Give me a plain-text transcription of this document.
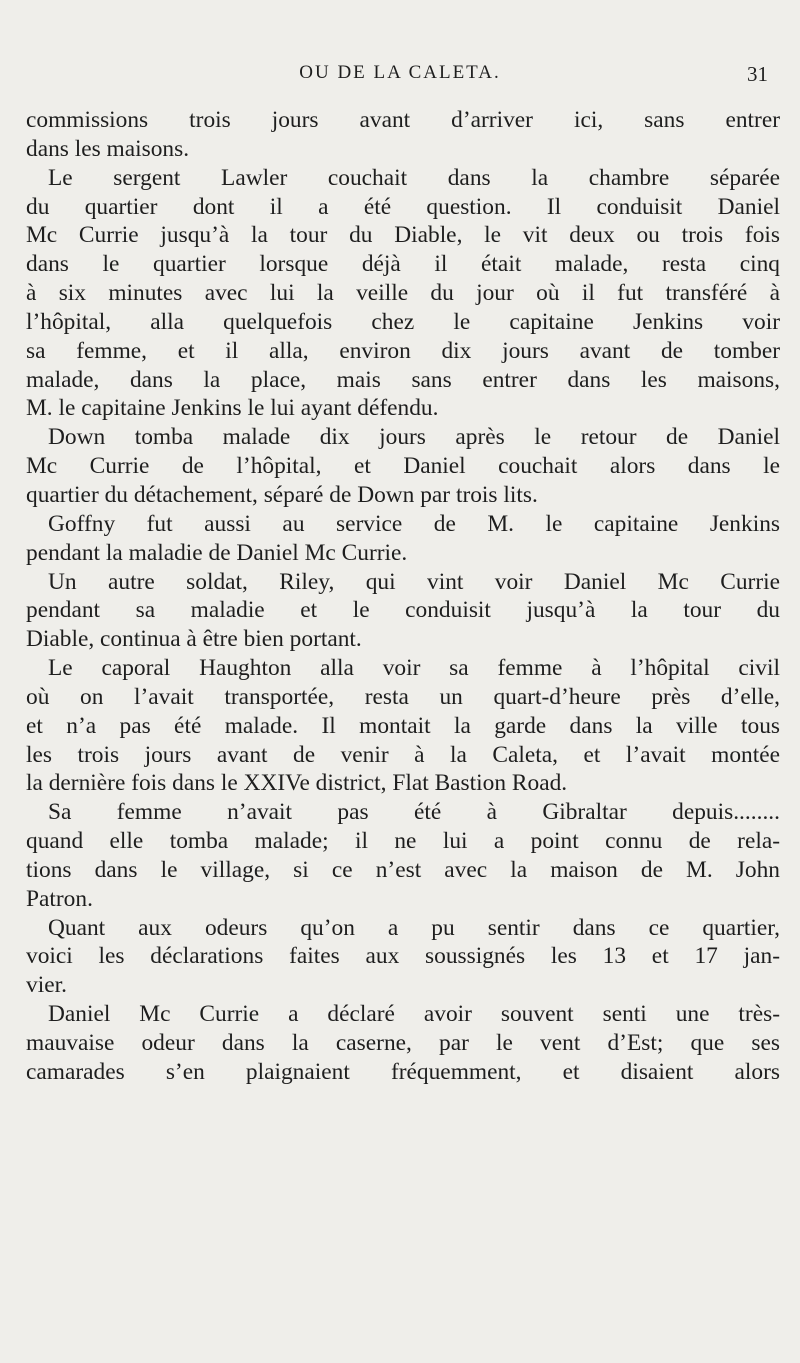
OU DE LA CALETA.	31
commissions trois jours avant d’arriver ici, sans entrer
dans les maisons.
Le sergent Lawler couchait dans la chambre séparée
du quartier dont il a été question. Il conduisit Daniel
Mc Currie jusqu’à la tour du Diable, le vit deux ou trois fois
dans le quartier lorsque déjà il était malade, resta cinq
à six minutes avec lui la veille du jour où il fut transféré à
l’hôpital, alla quelquefois chez le capitaine Jenkins voir
sa femme, et il alla, environ dix jours avant de tomber
malade, dans la place, mais sans entrer dans les maisons,
M. le capitaine Jenkins le lui ayant défendu.
Down tomba malade dix jours après le retour de Daniel
Mc Currie de l’hôpital, et Daniel couchait alors dans le
quartier du détachement, séparé de Down par trois lits.
Goffny fut aussi au service de M. le capitaine Jenkins
pendant la maladie de Daniel Mc Currie.
Un autre soldat, Riley, qui vint voir Daniel Mc Currie
pendant sa maladie et le conduisit jusqu’à la tour du
Diable, continua à être bien portant.
Le caporal Haughton alla voir sa femme à l’hôpital civil
où on l’avait transportée, resta un quart-d’heure près d’elle,
et n’a pas été malade. Il montait la garde dans la ville tous
les trois jours avant de venir à la Caleta, et l’avait montée
la dernière fois dans le XXIVe district, Flat Bastion Road.
Sa femme n’avait pas été à Gibraltar depuis........
quand elle tomba malade; il ne lui a point connu de rela-
tions dans le village, si ce n’est avec la maison de M. John
Patron.
Quant aux odeurs qu’on a pu sentir dans ce quartier,
voici les déclarations faites aux soussignés les 13 et 17 jan-
vier.
Daniel Mc Currie a déclaré avoir souvent senti une très-
mauvaise odeur dans la caserne, par le vent d’Est; que ses
camarades s’en plaignaient fréquemment, et disaient alors
